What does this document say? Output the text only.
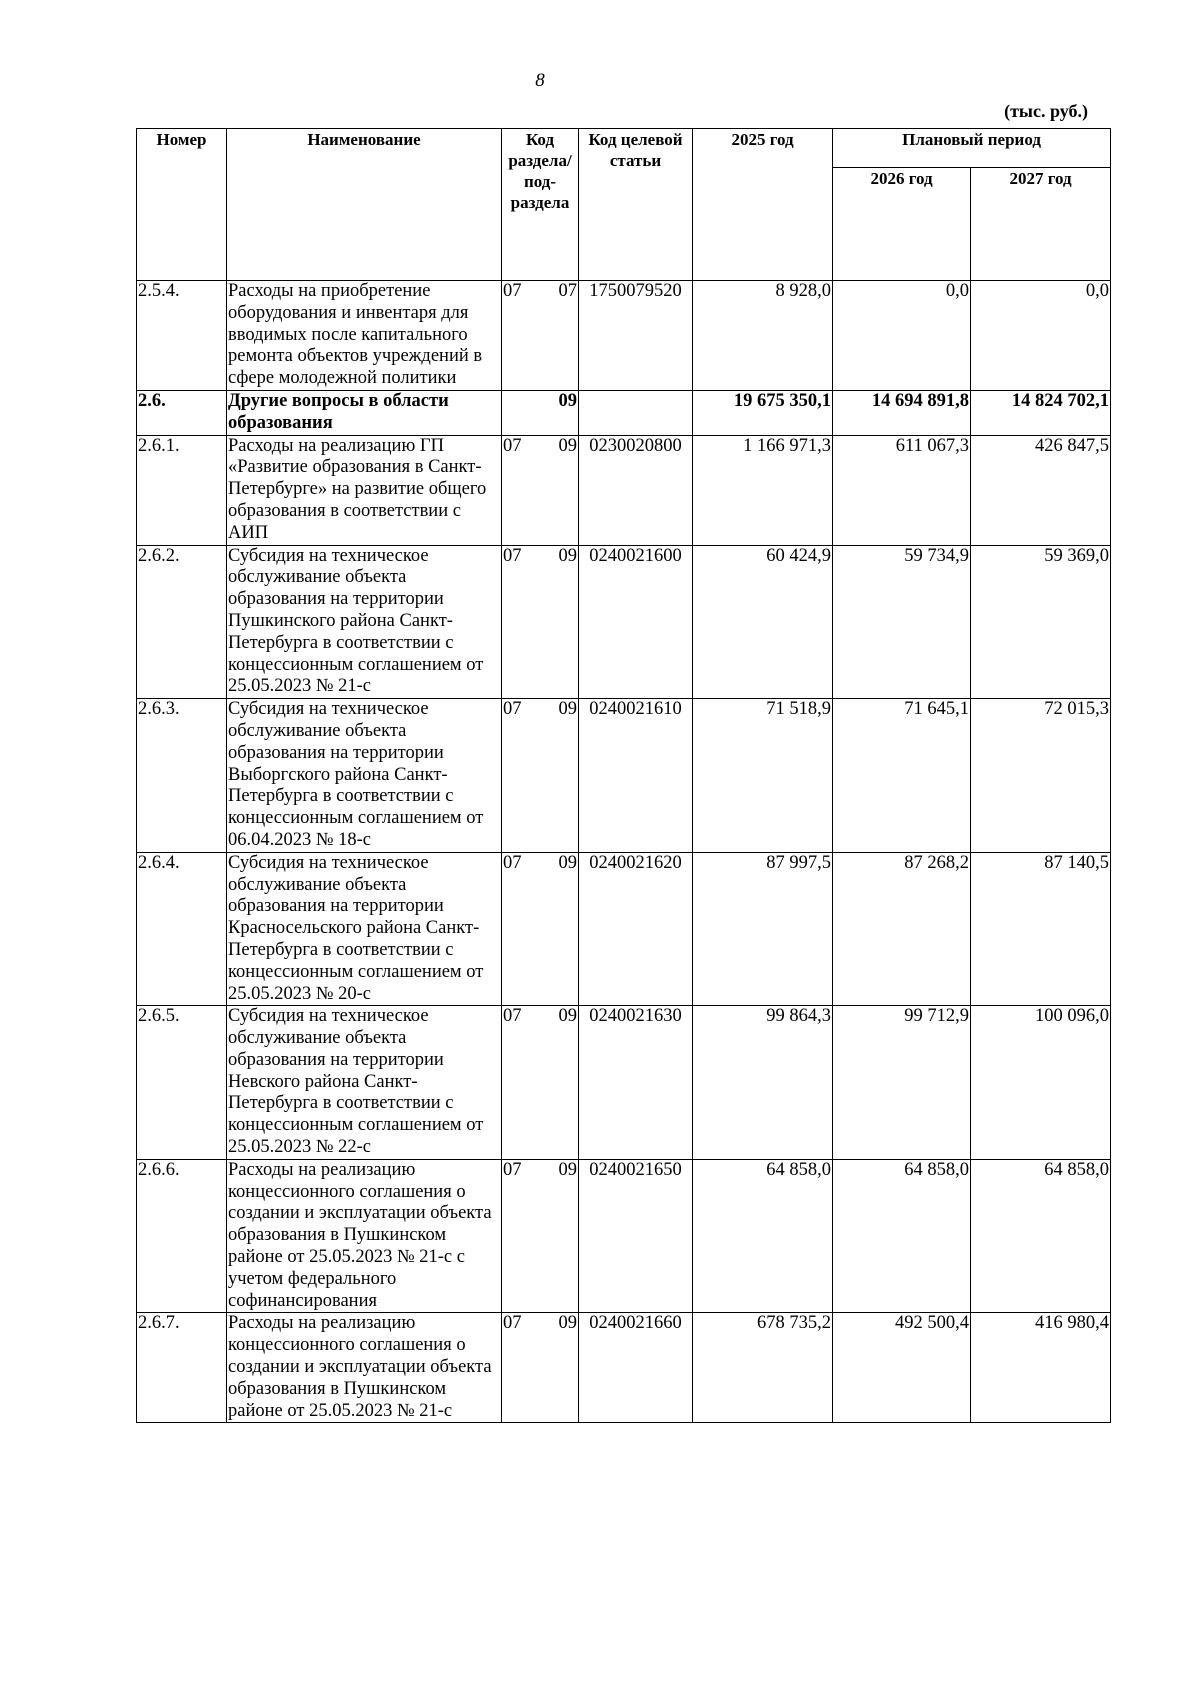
8
(тыс. руб.)
Номер	Наименование	Код раздела/ под-раздела		Код целевой статьи	2025 год	Плановый период	
						2026 год	2027 год
2.5.4.	Расходы на приобретение оборудования и инвентаря для вводимых после капитального ремонта объектов учреждений в сфере молодежной политики	07	07	1750079520	8 928,0	0,0	0,0
2.6.	Другие вопросы в области образования		09		19 675 350,1	14 694 891,8	14 824 702,1
2.6.1.	Расходы на реализацию ГП «Развитие образования в Санкт-Петербурге» на развитие общего образования в соответствии с АИП	07	09	0230020800	1 166 971,3	611 067,3	426 847,5
2.6.2.	Субсидия на техническое обслуживание объекта образования на территории Пушкинского района Санкт-Петербурга в соответствии с концессионным соглашением от 25.05.2023 № 21-с	07	09	0240021600	60 424,9	59 734,9	59 369,0
2.6.3.	Субсидия на техническое обслуживание объекта образования на территории Выборгского района Санкт-Петербурга в соответствии с концессионным соглашением от 06.04.2023 № 18-с	07	09	0240021610	71 518,9	71 645,1	72 015,3
2.6.4.	Субсидия на техническое обслуживание объекта образования на территории Красносельского района Санкт-Петербурга в соответствии с концессионным соглашением от 25.05.2023 № 20-с	07	09	0240021620	87 997,5	87 268,2	87 140,5
2.6.5.	Субсидия на техническое обслуживание объекта образования на территории Невского района Санкт-Петербурга в соответствии с концессионным соглашением от 25.05.2023 № 22-с	07	09	0240021630	99 864,3	99 712,9	100 096,0
2.6.6.	Расходы на реализацию концессионного соглашения о создании и эксплуатации объекта образования в Пушкинском районе от 25.05.2023 № 21-с с учетом федерального софинансирования	07	09	0240021650	64 858,0	64 858,0	64 858,0
2.6.7.	Расходы на реализацию концессионного соглашения о создании и эксплуатации объекта образования в Пушкинском районе от 25.05.2023 № 21-с	07	09	0240021660	678 735,2	492 500,4	416 980,4
